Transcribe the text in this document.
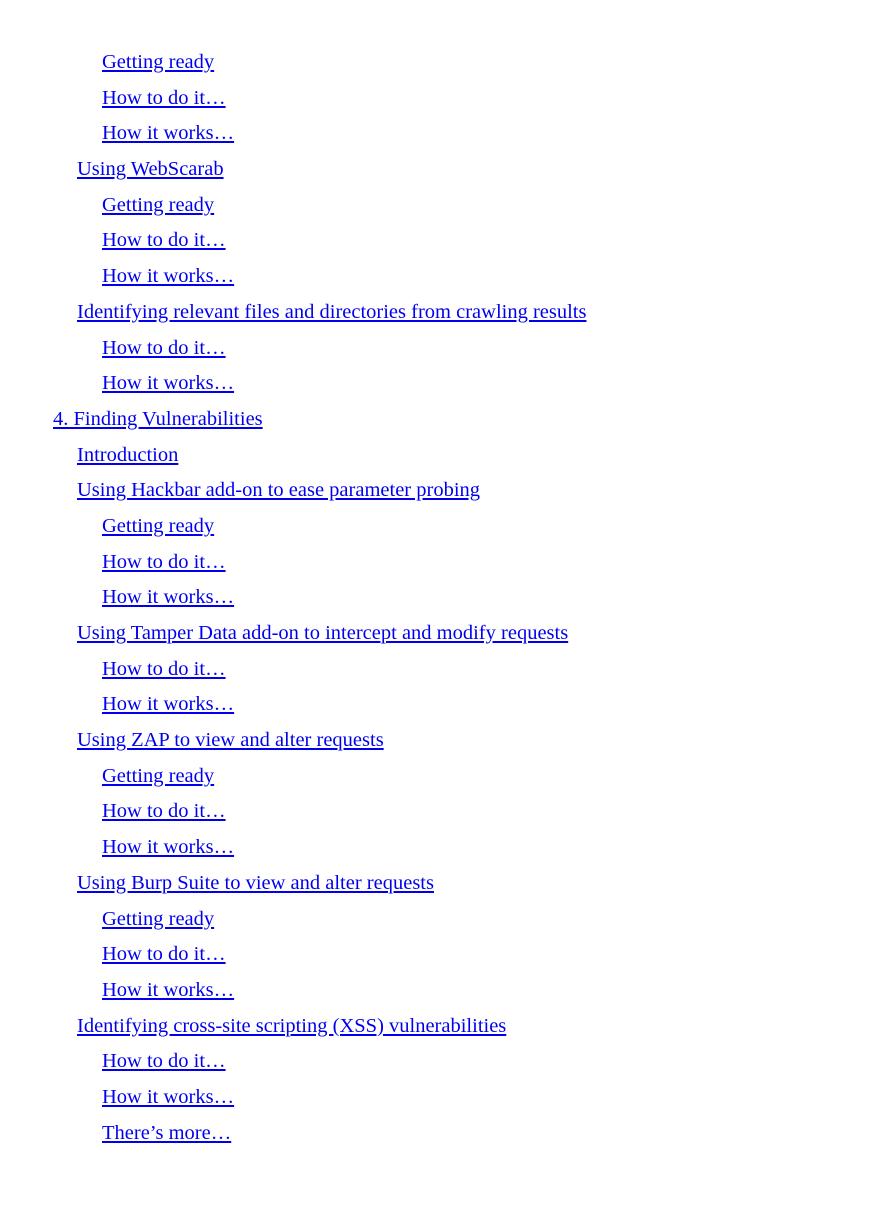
Getting ready
How to do it…
How it works…
Using WebScarab
Getting ready
How to do it…
How it works…
Identifying relevant files and directories from crawling results
How to do it…
How it works…
4. Finding Vulnerabilities
Introduction
Using Hackbar add-on to ease parameter probing
Getting ready
How to do it…
How it works…
Using Tamper Data add-on to intercept and modify requests
How to do it…
How it works…
Using ZAP to view and alter requests
Getting ready
How to do it…
How it works…
Using Burp Suite to view and alter requests
Getting ready
How to do it…
How it works…
Identifying cross-site scripting (XSS) vulnerabilities
How to do it…
How it works…
There’s more…
